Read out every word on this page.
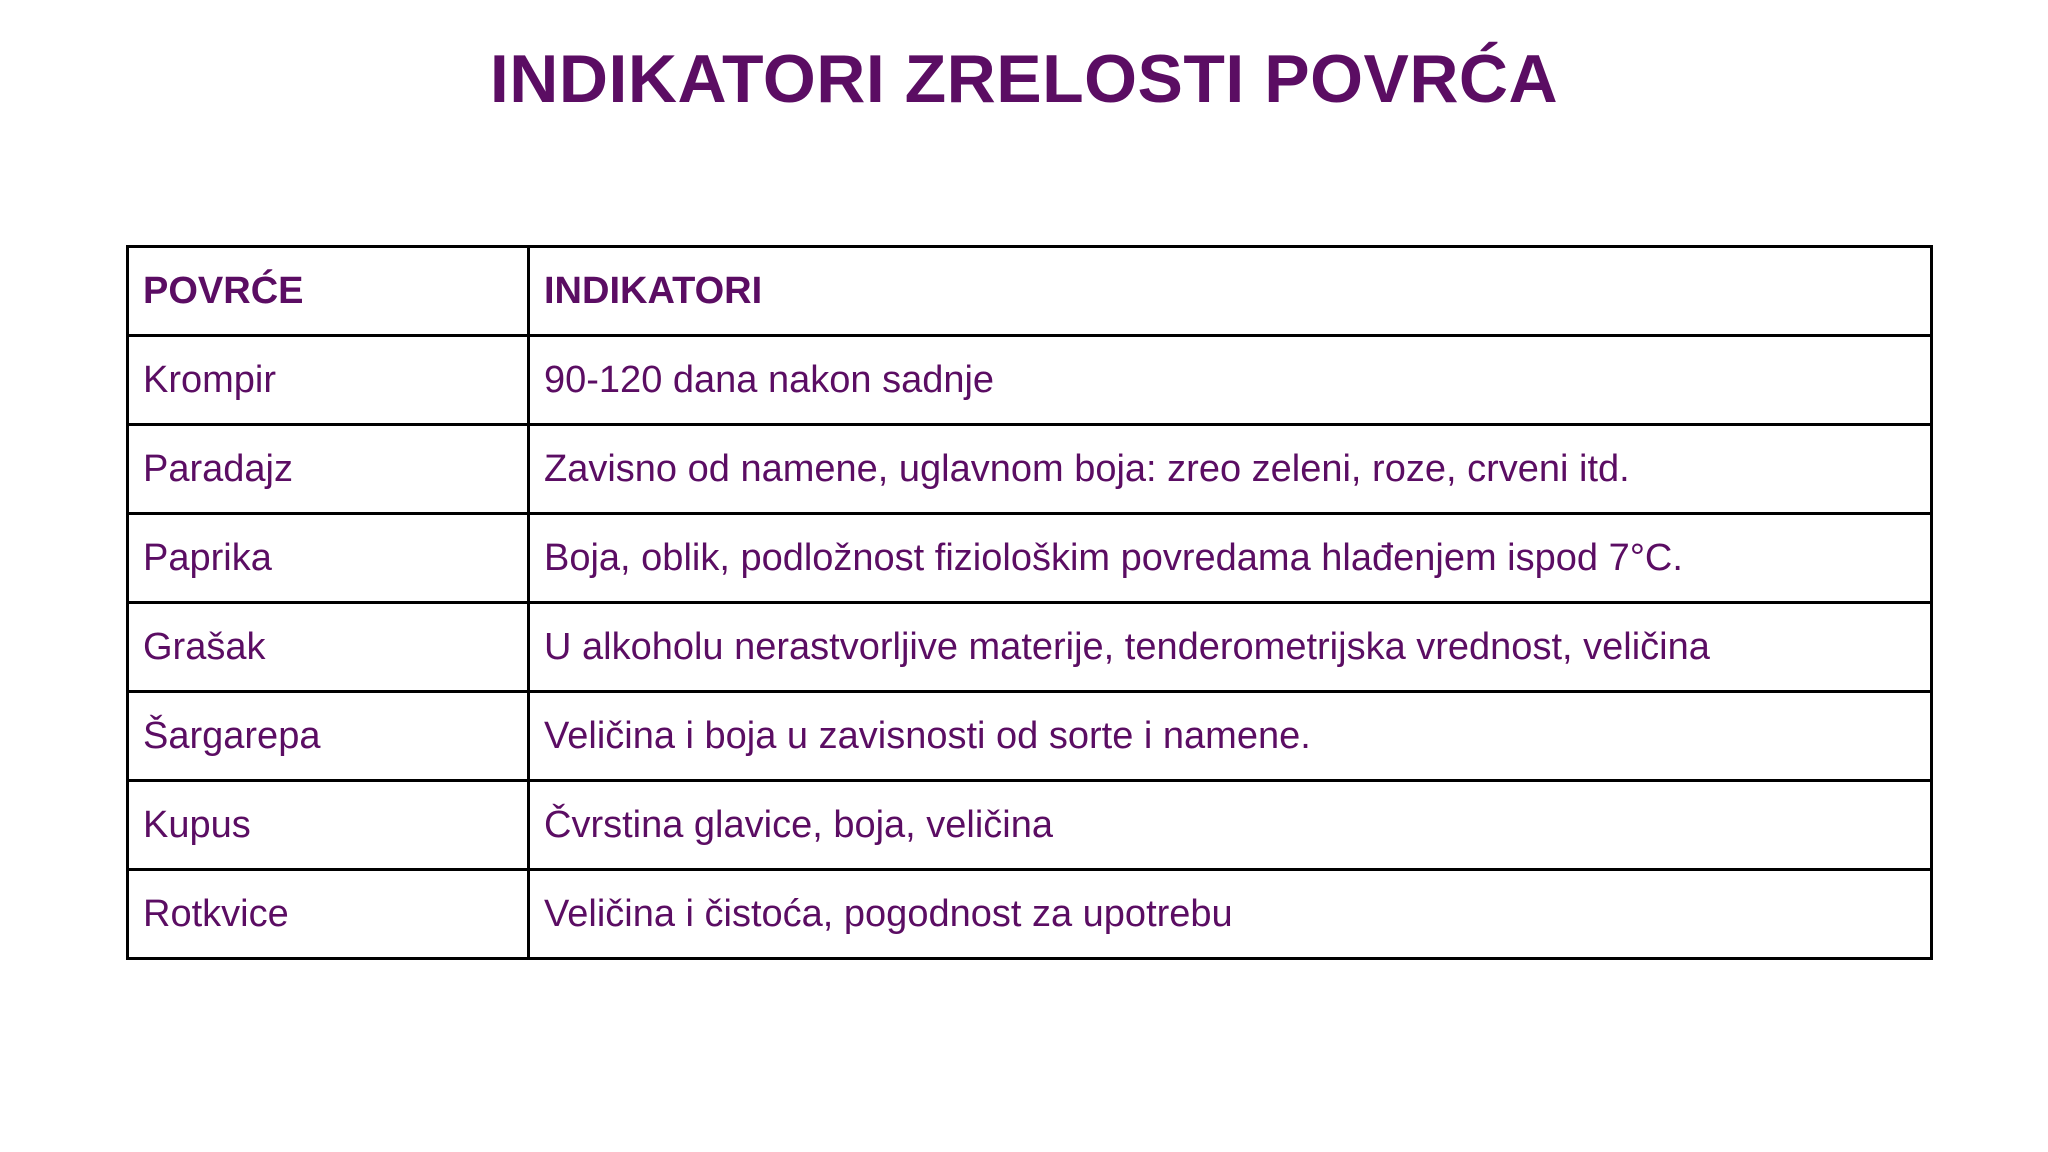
INDIKATORI ZRELOSTI POVRĆA
POVRĆE	INDIKATORI
Krompir	90-120 dana nakon sadnje
Paradajz	Zavisno od namene, uglavnom boja: zreo zeleni, roze, crveni itd.
Paprika	Boja, oblik, podložnost fiziološkim povredama hlađenjem ispod 7°C.
Grašak	U alkoholu nerastvorljive materije, tenderometrijska vrednost, veličina
Šargarepa	Veličina i boja u zavisnosti od sorte i namene.
Kupus	Čvrstina glavice, boja, veličina
Rotkvice	Veličina i čistoća, pogodnost za upotrebu
